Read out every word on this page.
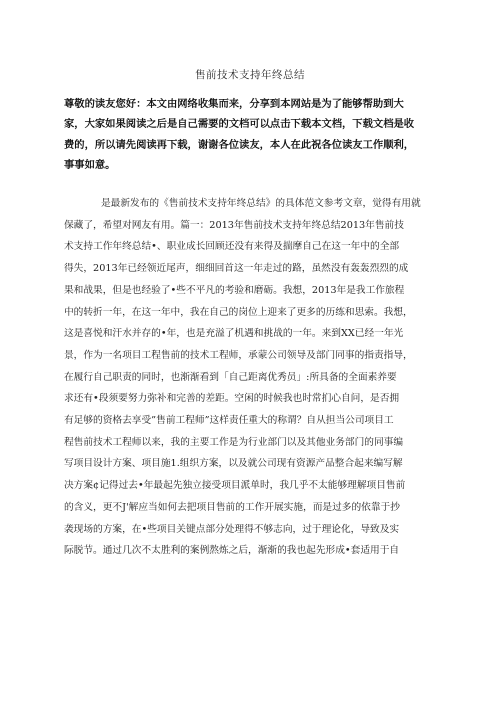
售前技术支持年终总结
尊敬的读友您好：本文由网络收集而来，分享到本网站是为了能够帮助到大
家，大家如果阅读之后是自己需要的文档可以点击下载本文档，下载文档是收
费的，所以请先阅读再下载，谢谢各位读友，本人在此祝各位读友工作顺利，
事事如意。
是最新发布的《售前技术支持年终总结》的具体范文参考文章，觉得有用就
保藏了，希望对网友有用。篇一：2013年售前技术支持年终总结2013年售前技
术支持工作年终总结•、职业成长回顾还没有来得及揣摩自己在这一年中的全部
得失，2013年已经领近尾声，细细回首这一年走过的路，虽然没有轰轰烈烈的成
果和战果，但是也经验了•些不平凡的考验和磨砺。我想，2013年是我工作旅程
中的转折一年，在这一年中，我在自己的岗位上迎来了更多的历练和思索。我想，
这是喜悦和汗水并存的•年，也是充溢了机遇和挑战的一年。来到XX已经一年光
景，作为一名项目工程售前的技术工程师，承蒙公司领导及部门同事的指责指导，
在履行自己职责的同时，也渐渐看到「自己距离优秀员」:所具备的全面素养要
求还有•段须要努力弥补和完善的差距。空闲的时候我也时常扪心自问，是否拥
有足够的资格去享受”售前工程师”这样责任重大的称谓？自从担当公司项目工
程售前技术工程师以来，我的主要工作是为行业部门以及其他业务部门的同事编
写项目设计方案、项目施1.组织方案，以及就公司现有资源产品整合起来编写解
决方案¢记得过去•年最起先独立接受项目派单时，我几乎不太能够理解项目售前
的含义，更不J'解应当如何去把项目售前的工作开展实施，而是过多的依靠于抄
袭现场的方案，在•些项目关键点部分处理得不够志向，过于理论化，导致及实
际脱节。通过几次不太胜利的案例熬炼之后，渐渐的我也起先形成•套适用于自
